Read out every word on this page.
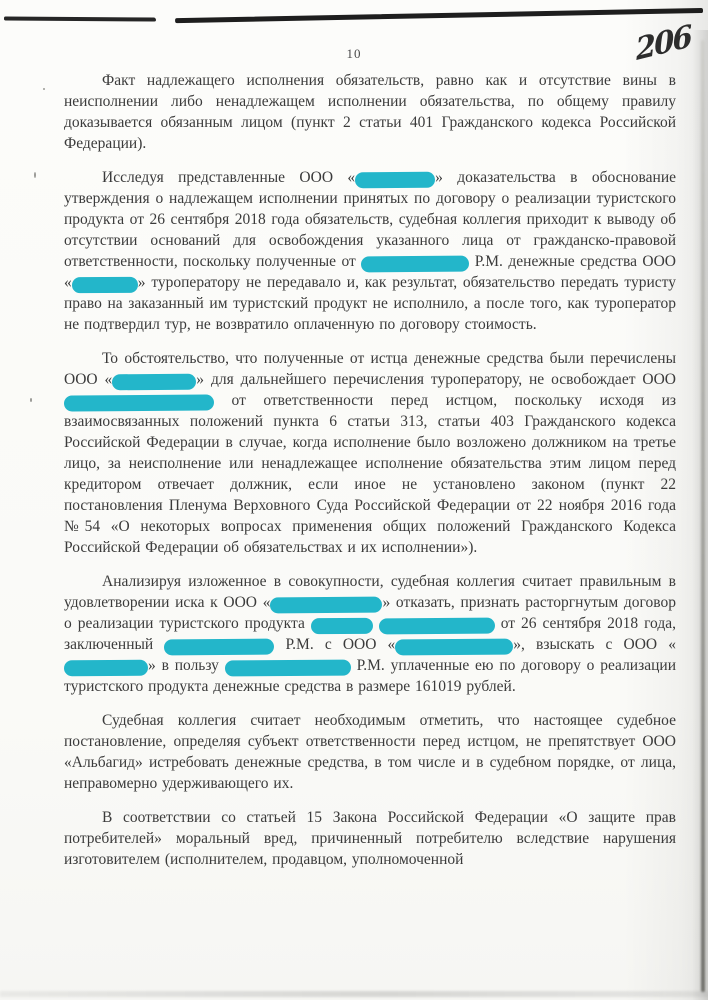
206
10

Факт надлежащего исполнения обязательств, равно как и отсутствие вины в неисполнении либо ненадлежащем исполнении обязательства, по общему правилу доказывается обязанным лицом (пункт 2 статьи 401 Гражданского кодекса Российской Федерации).

Исследуя представленные ООО «	» доказательства в обоснование утверждения о надлежащем исполнении принятых по договору о реализации туристского продукта от 26 сентября 2018 года обязательств, судебная коллегия приходит к выводу об отсутствии оснований для освобождения указанного лица от гражданско-правовой ответственности, поскольку полученные от	Р.М. денежные средства ООО «	» туроператору не передавало и, как результат, обязательство передать туристу право на заказанный им туристский продукт не исполнило, а после того, как туроператор не подтвердил тур, не возвратило оплаченную по договору стоимость.

То обстоятельство, что полученные от истца денежные средства были перечислены ООО «	» для дальнейшего перечисления туроператору, не освобождает ООО  от ответственности перед истцом, поскольку исходя из взаимосвязанных положений пункта 6 статьи 313, статьи 403 Гражданского кодекса Российской Федерации в случае, когда исполнение было возложено должником на третье лицо, за неисполнение или ненадлежащее исполнение обязательства этим лицом перед кредитором отвечает должник, если иное не установлено законом (пункт 22 постановления Пленума Верховного Суда Российской Федерации от 22 ноября 2016 года №54 «О некоторых вопросах применения общих положений Гражданского Кодекса Российской Федерации об обязательствах и их исполнении»).

Анализируя изложенное в совокупности, судебная коллегия считает правильным в удовлетворении иска к ООО «	» отказать, признать расторгнутым договор о реализации туристского продукта	от 26 сентября 2018 года, заключенный	Р.М. с ООО «	», взыскать с ООО «» в пользу	Р.М. уплаченные ею по договору о реализации туристского продукта денежные средства в размере 161019 рублей.

Судебная коллегия считает необходимым отметить, что настоящее судебное постановление, определяя субъект ответственности перед истцом, не препятствует ООО «Альбагид» истребовать денежные средства, в том числе и в судебном порядке, от лица, неправомерно удерживающего их.

В соответствии со статьей 15 Закона Российской Федерации «О защите прав потребителей» моральный вред, причиненный потребителю вследствие нарушения изготовителем (исполнителем, продавцом, уполномоченной
